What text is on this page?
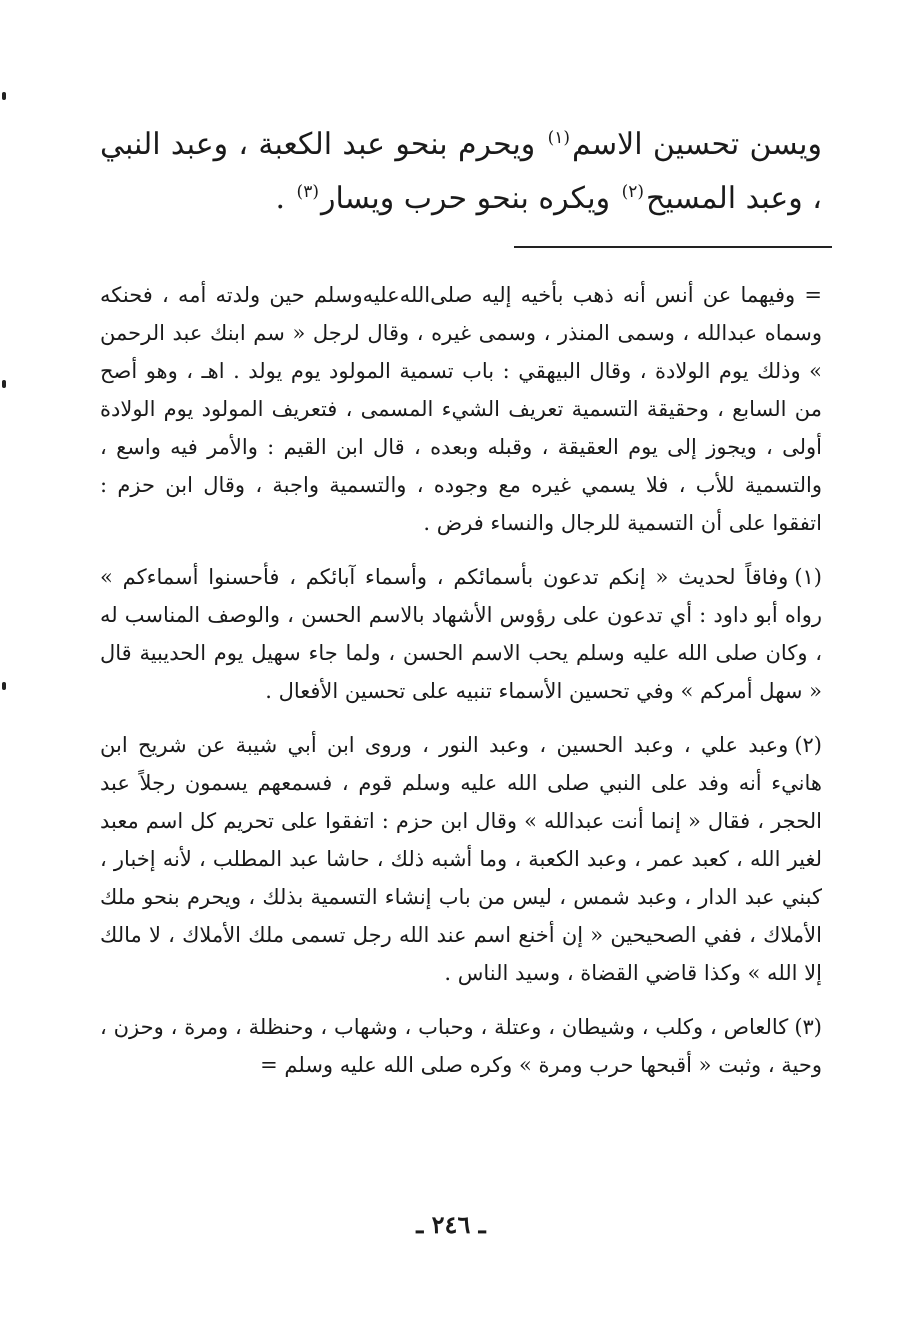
ويسن تحسين الاسم$^{(١)}$ ويحرم بنحو عبد الكعبة ، وعبد النبي ، وعبد المسيح$^{(٢)}$ ويكره بنحو حرب ويسار$^{(٣)}$ .

= وفيهما عن أنس أنه ذهب بأخيه إليه صلى‌الله‌عليه‌وسلم حين ولدته أمه ، فحنكه وسماه عبدالله ، وسمى المنذر ، وسمى غيره ، وقال لرجل « سم ابنك عبد الرحمن » وذلك يوم الولادة ، وقال البيهقي : باب تسمية المولود يوم يولد . اهـ ، وهو أصح من السابع ، وحقيقة التسمية تعريف الشيء المسمى ، فتعريف المولود يوم الولادة أولى ، ويجوز إلى يوم العقيقة ، وقبله وبعده ، قال ابن القيم : والأمر فيه واسع ، والتسمية للأب ، فلا يسمي غيره مع وجوده ، والتسمية واجبة ، وقال ابن حزم : اتفقوا على أن التسمية للرجال والنساء فرض .

(١)وفاقاً لحديث « إنكم تدعون بأسمائكم ، وأسماء آبائكم ، فأحسنوا أسماءكم » رواه أبو داود : أي تدعون على رؤوس الأشهاد بالاسم الحسن ، والوصف المناسب له ، وكان صلى الله عليه وسلم يحب الاسم الحسن ، ولما جاء سهيل يوم الحديبية قال « سهل أمركم » وفي تحسين الأسماء تنبيه على تحسين الأفعال .

(٢)وعبد علي ، وعبد الحسين ، وعبد النور ، وروى ابن أبي شيبة عن شريح ابن هانيء أنه وفد على النبي صلى الله عليه وسلم قوم ، فسمعهم يسمون رجلاً عبد الحجر ، فقال « إنما أنت عبدالله » وقال ابن حزم : اتفقوا على تحريم كل اسم معبد لغير الله ، كعبد عمر ، وعبد الكعبة ، وما أشبه ذلك ، حاشا عبد المطلب ، لأنه إخبار ، كبني عبد الدار ، وعبد شمس ، ليس من باب إنشاء التسمية بذلك ، ويحرم بنحو ملك الأملاك ، ففي الصحيحين « إن أخنع اسم عند الله رجل تسمى ملك الأملاك ، لا مالك إلا الله » وكذا قاضي القضاة ، وسيد الناس .

(٣)كالعاص ، وكلب ، وشيطان ، وعتلة ، وحباب ، وشهاب ، وحنظلة ، ومرة ، وحزن ، وحية ، وثبت « أقبحها حرب ومرة » وكره صلى الله عليه وسلم =

ـ ٢٤٦ ـ
